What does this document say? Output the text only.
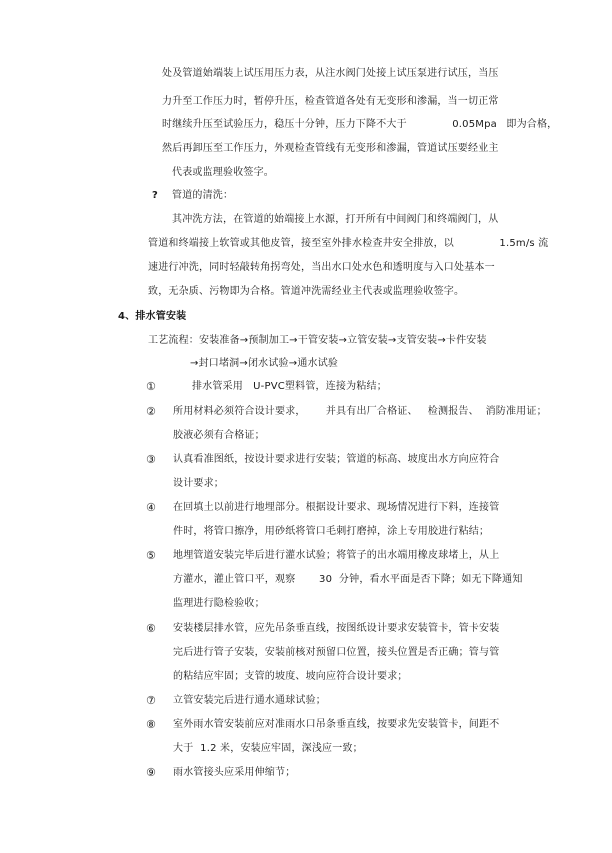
处及管道始端装上试压用压力表，从注水阀门处接上试压泵进行试压，当压
力升至工作压力时，暂停升压，检查管道各处有无变形和渗漏，当一切正常
时继续升压至试验压力，稳压十分钟，压力下降不大于	0.05Mpa 即为合格，
然后再卸压至工作压力，外观检查管线有无变形和渗漏，管道试压要经业主
代表或监理验收签字。
? 管道的清洗：
其冲洗方法，在管道的始端接上水源，打开所有中间阀门和终端阀门，从
管道和终端接上软管或其他皮管，接至室外排水检查井安全排放，以	1.5m/s 流
速进行冲洗，同时轻敲转角拐弯处，当出水口处水色和透明度与入口处基本一
致，无杂质、污物即为合格。管道冲洗需经业主代表或监理验收签字。
4、排水管安装
工艺流程：安装准备→预制加工→干管安装→立管安装→支管安装→卡件安装
→封口堵洞→闭水试验→通水试验
①	排水管采用   U-PVC塑料管，连接为粘结；
② 所用材料必须符合设计要求，      并具有出厂合格证、   检测报告、  消防准用证；
胶液必须有合格证；
③ 认真看准图纸，按设计要求进行安装；管道的标高、坡度出水方向应符合
设计要求；
④ 在回填土以前进行地埋部分。根据设计要求、现场情况进行下料，连接管
件时，将管口擦净，用砂纸将管口毛刺打磨掉，涂上专用胶进行粘结；
⑤ 地埋管道安装完毕后进行灌水试验；将管子的出水端用橡皮球堵上，从上
方灌水，灌止管口平，观察       30  分钟，看水平面是否下降；如无下降通知
监理进行隐检验收；
⑥ 安装楼层排水管，应先吊条垂直线，按图纸设计要求安装管卡，管卡安装
完后进行管子安装，安装前核对预留口位置，接头位置是否正确；管与管
的粘结应牢固；支管的坡度、坡向应符合设计要求；
⑦ 立管安装完后进行通水通球试验；
⑧ 室外雨水管安装前应对准雨水口吊条垂直线，按要求先安装管卡，间距不
大于  1.2 米，安装应牢固，深浅应一致；
⑨ 雨水管接头应采用伸缩节；
